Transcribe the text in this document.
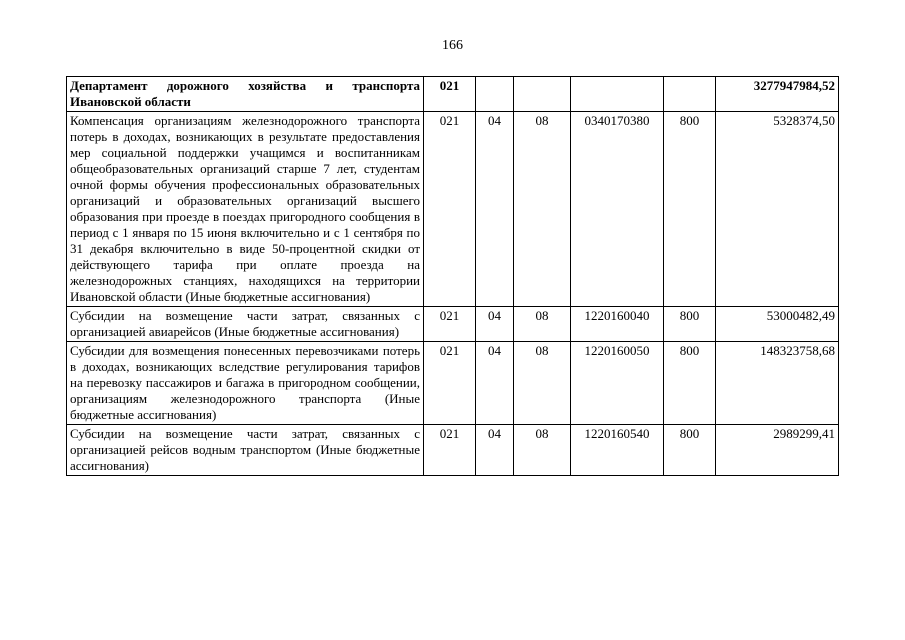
166
Департамент дорожного хозяйства и транспорта Ивановской области	021					3277947984,52
Компенсация организациям железнодорожного транспорта потерь в доходах, возникающих в результате предоставления мер социальной поддержки учащимся и воспитанникам общеобразовательных организаций старше 7 лет, студентам очной формы обучения профессиональных образовательных организаций и образовательных организаций высшего образования при проезде в поездах пригородного сообщения в период с 1 января по 15 июня включительно и с 1 сентября по 31 декабря включительно в виде 50-процентной скидки от действующего тарифа при оплате проезда на железнодорожных станциях, находящихся на территории Ивановской области (Иные бюджетные ассигнования)	021	04	08	0340170380	800	5328374,50
Субсидии на возмещение части затрат, связанных с организацией авиарейсов (Иные бюджетные ассигнования)	021	04	08	1220160040	800	53000482,49
Субсидии для возмещения понесенных перевозчиками потерь в доходах, возникающих вследствие регулирования тарифов на перевозку пассажиров и багажа в пригородном сообщении, организациям железнодорожного транспорта (Иные бюджетные ассигнования)	021	04	08	1220160050	800	148323758,68
Субсидии на возмещение части затрат, связанных с организацией рейсов водным транспортом (Иные бюджетные ассигнования)	021	04	08	1220160540	800	2989299,41
